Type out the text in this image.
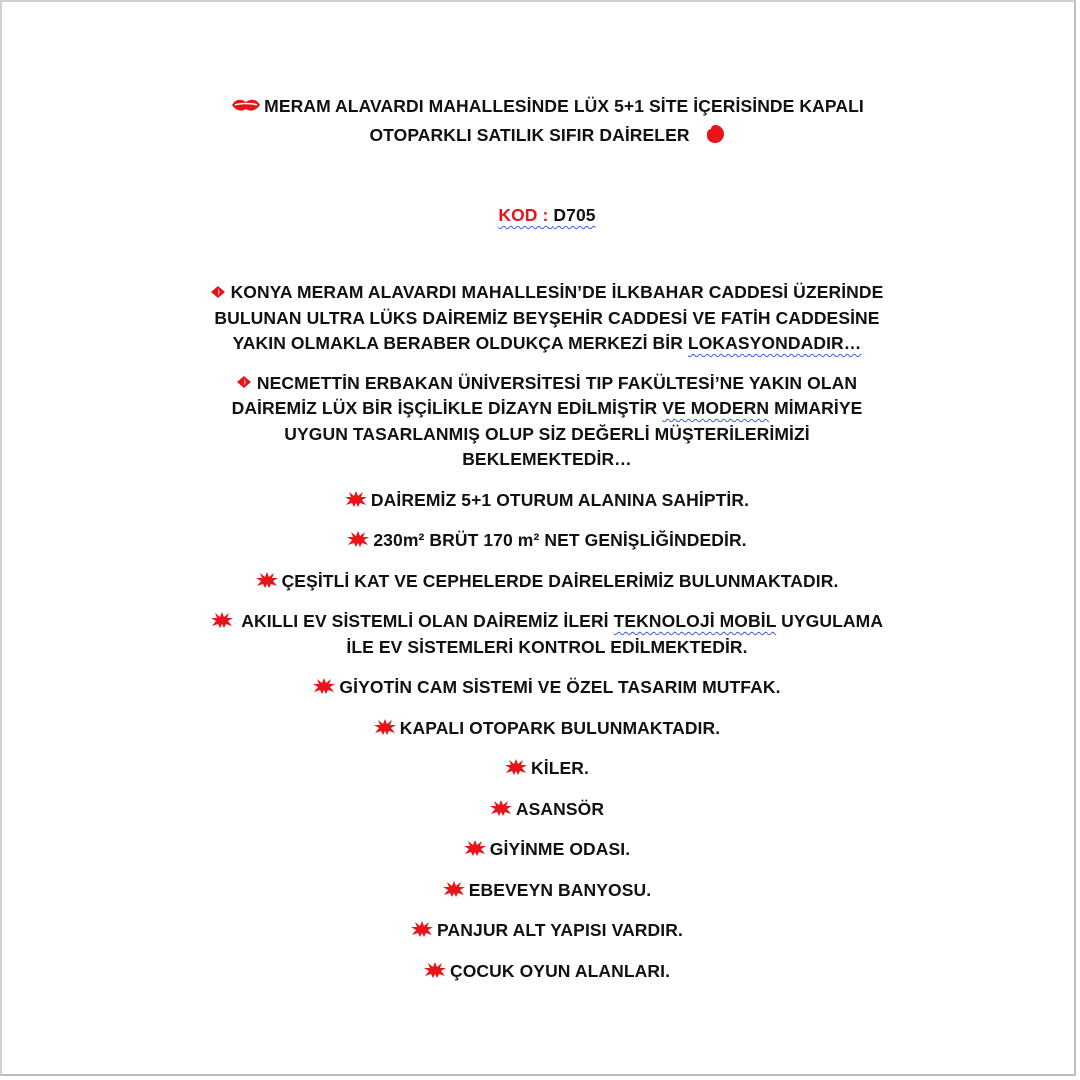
MERAM ALAVARDI MAHALLESİNDE LÜX 5+1 SİTE İÇERİSİNDE KAPALI
OTOPARKLI SATILIK SIFIR DAİRELER

KOD : D705

KONYA MERAM ALAVARDI MAHALLESİN’DE İLKBAHAR CADDESİ ÜZERİNDE
BULUNAN ULTRA LÜKS DAİREMİZ BEYŞEHİR CADDESİ VE FATİH CADDESİNE
YAKIN OLMAKLA BERABER OLDUKÇA MERKEZİ BİR LOKASYONDADIR…

NECMETTİN ERBAKAN ÜNİVERSİTESİ TIP FAKÜLTESİ’NE YAKIN OLAN
DAİREMİZ LÜX BİR İŞÇİLİKLE DİZAYN EDİLMİŞTİR VE MODERN MİMARİYE
UYGUN TASARLANMIŞ OLUP SİZ DEĞERLİ MÜŞTERİLERİMİZİ
BEKLEMEKTEDİR…

DAİREMİZ 5+1 OTURUM ALANINA SAHİPTİR.
230m² BRÜT 170 m² NET GENİŞLİĞİNDEDİR.
ÇEŞİTLİ KAT VE CEPHELERDE DAİRELERİMİZ BULUNMAKTADIR.
AKILLI EV SİSTEMLİ OLAN DAİREMİZ İLERİ TEKNOLOJİ MOBİL UYGULAMA
İLE EV SİSTEMLERİ KONTROL EDİLMEKTEDİR.
GİYOTİN CAM SİSTEMİ VE ÖZEL TASARIM MUTFAK.
KAPALI OTOPARK BULUNMAKTADIR.
KİLER.
ASANSÖR
GİYİNME ODASI.
EBEVEYN BANYOSU.
PANJUR ALT YAPISI VARDIR.
ÇOCUK OYUN ALANLARI.
